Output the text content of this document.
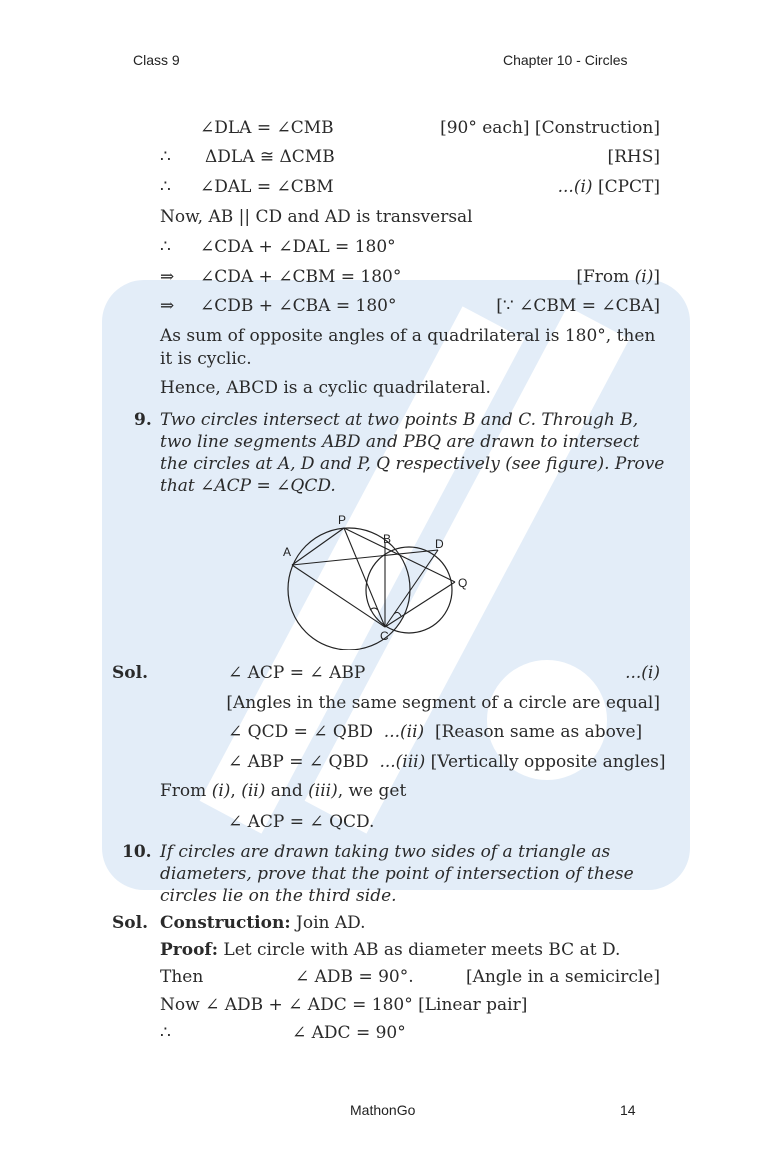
Class 9	Chapter 10 - Circles
∠DLA = ∠CMB	[90° each] [Construction]
∴ ΔDLA ≅ ΔCMB	[RHS]
∴ ∠DAL = ∠CBM	...(i) [CPCT]
Now, AB || CD and AD is transversal
∴ ∠CDA + ∠DAL = 180°
⇒ ∠CDA + ∠CBM = 180°	[From (i)]
⇒ ∠CDB + ∠CBA = 180°	[∵ ∠CBM = ∠CBA]
As sum of opposite angles of a quadrilateral is 180°, then
it is cyclic.
Hence, ABCD is a cyclic quadrilateral.
9. Two circles intersect at two points B and C. Through B,
two line segments ABD and PBQ are drawn to intersect
the circles at A, D and P, Q respectively (see figure). Prove
that ∠ACP = ∠QCD.
P
B	D
A
Q
C
Sol.	∠ ACP = ∠ ABP	...(i)
[Angles in the same segment of a circle are equal]
∠ QCD = ∠ QBD ...(ii) [Reason same as above]
∠ ABP = ∠ QBD ...(iii) [Vertically opposite angles]
From (i), (ii) and (iii), we get
∠ ACP = ∠ QCD.
10. If circles are drawn taking two sides of a triangle as
diameters, prove that the point of intersection of these
circles lie on the third side.
Sol. Construction: Join AD.
Proof: Let circle with AB as diameter meets BC at D.
Then	∠ ADB = 90°.	[Angle in a semicircle]
Now ∠ ADB + ∠ ADC = 180° [Linear pair]
∴	∠ ADC = 90°
MathonGo	14
